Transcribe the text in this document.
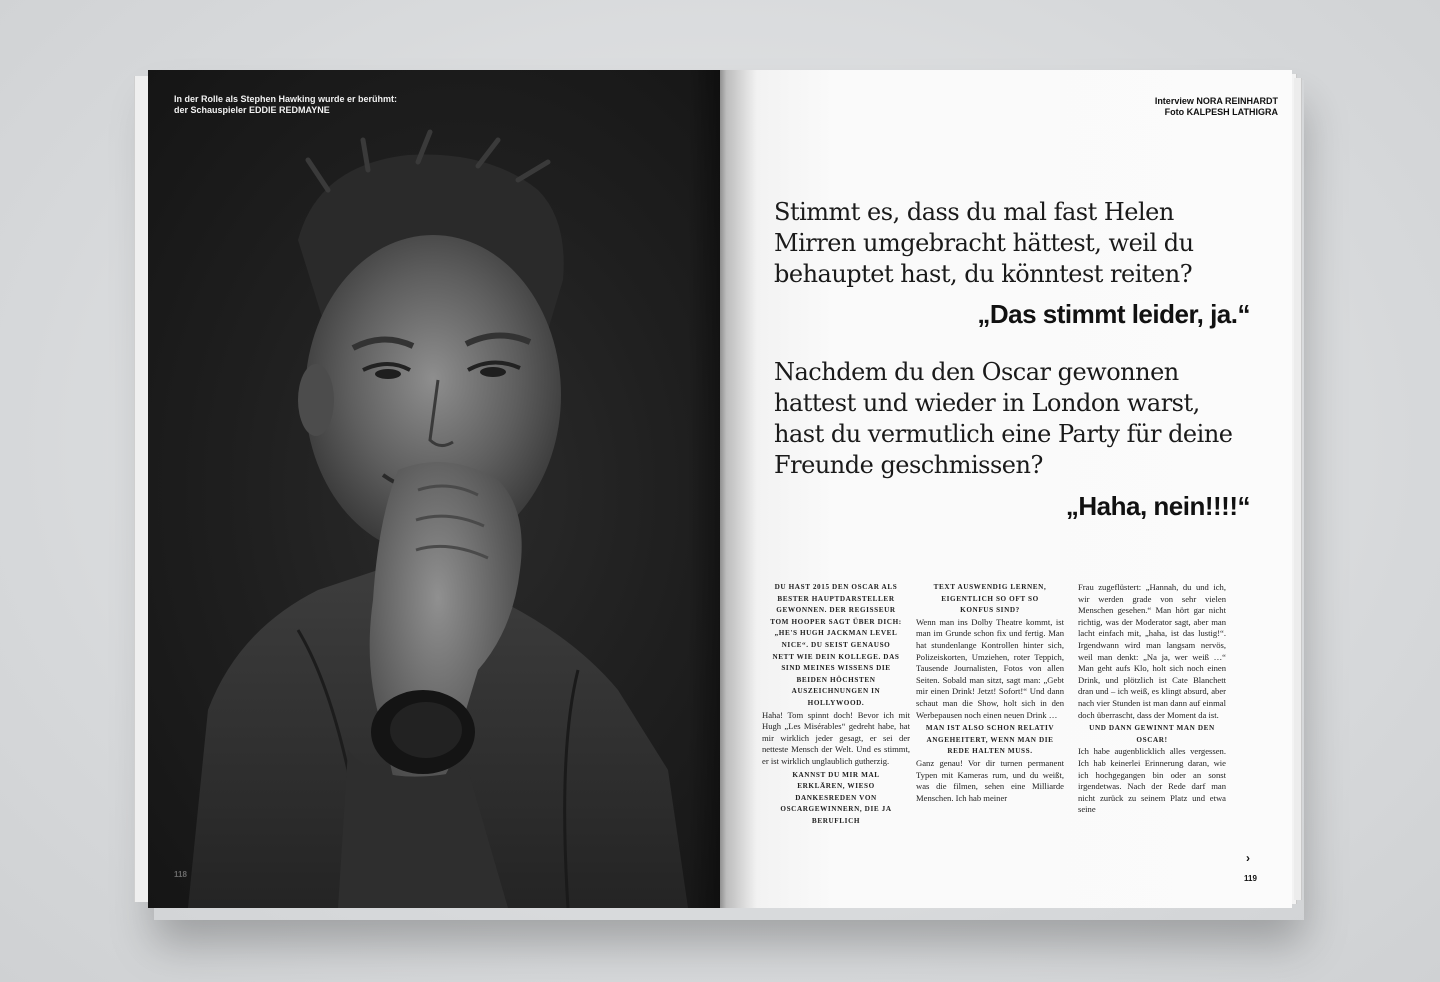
In der Rolle als Stephen Hawking wurde er berühmt:
der Schauspieler EDDIE REDMAYNE
118
Interview NORA REINHARDT
Foto KALPESH LATHIGRA
Stimmt es, dass du mal fast Helen Mirren umgebracht hättest, weil du behauptet hast, du könntest reiten?
„Das stimmt leider, ja.“
Nachdem du den Oscar gewonnen hattest und wieder in London warst, hast du vermutlich eine Party für deine Freunde geschmissen?
„Haha, nein!!!!“
DU HAST 2015 DEN OSCAR ALS BESTER HAUPTDARSTELLER GEWONNEN. DER REGISSEUR TOM HOOPER SAGT ÜBER DICH: „HE'S HUGH JACKMAN LEVEL NICE“. DU SEIST GENAUSO NETT WIE DEIN KOLLEGE. DAS SIND MEINES WISSENS DIE BEIDEN HÖCHSTEN AUSZEICHNUNGEN IN HOLLYWOOD.
Haha! Tom spinnt doch! Bevor ich mit Hugh „Les Misérables“ gedreht habe, hat mir wirklich jeder gesagt, er sei der netteste Mensch der Welt. Und es stimmt, er ist wirklich unglaublich gutherzig.
KANNST DU MIR MAL ERKLÄREN, WIESO DANKESREDEN VON OSCARGEWINNERN, DIE JA BERUFLICH
TEXT AUSWENDIG LERNEN, EIGENTLICH SO OFT SO KONFUS SIND?
Wenn man ins Dolby Theatre kommt, ist man im Grunde schon fix und fertig. Man hat stundenlange Kontrollen hinter sich, Polizeiskorten, Umziehen, roter Teppich, Tausende Journalisten, Fotos von allen Seiten. Sobald man sitzt, sagt man: „Gebt mir einen Drink! Jetzt! Sofort!“ Und dann schaut man die Show, holt sich in den Werbepausen noch einen neuen Drink …
MAN IST ALSO SCHON RELATIV ANGEHEITERT, WENN MAN DIE REDE HALTEN MUSS.
Ganz genau! Vor dir turnen permanent Typen mit Kameras rum, und du weißt, was die filmen, sehen eine Milliarde Menschen. Ich hab meiner
Frau zugeflüstert: „Hannah, du und ich, wir werden grade von sehr vielen Menschen gesehen.“ Man hört gar nicht richtig, was der Moderator sagt, aber man lacht einfach mit, „haha, ist das lustig!“. Irgendwann wird man langsam nervös, weil man denkt: „Na ja, wer weiß …“ Man geht aufs Klo, holt sich noch einen Drink, und plötzlich ist Cate Blanchett dran und – ich weiß, es klingt absurd, aber nach vier Stunden ist man dann auf einmal doch überrascht, dass der Moment da ist.
UND DANN GEWINNT MAN DEN OSCAR!
Ich habe augenblicklich alles vergessen. Ich hab keinerlei Erinnerung daran, wie ich hochgegangen bin oder an sonst irgendetwas. Nach der Rede darf man nicht zurück zu seinem Platz und etwa seine
›
119
